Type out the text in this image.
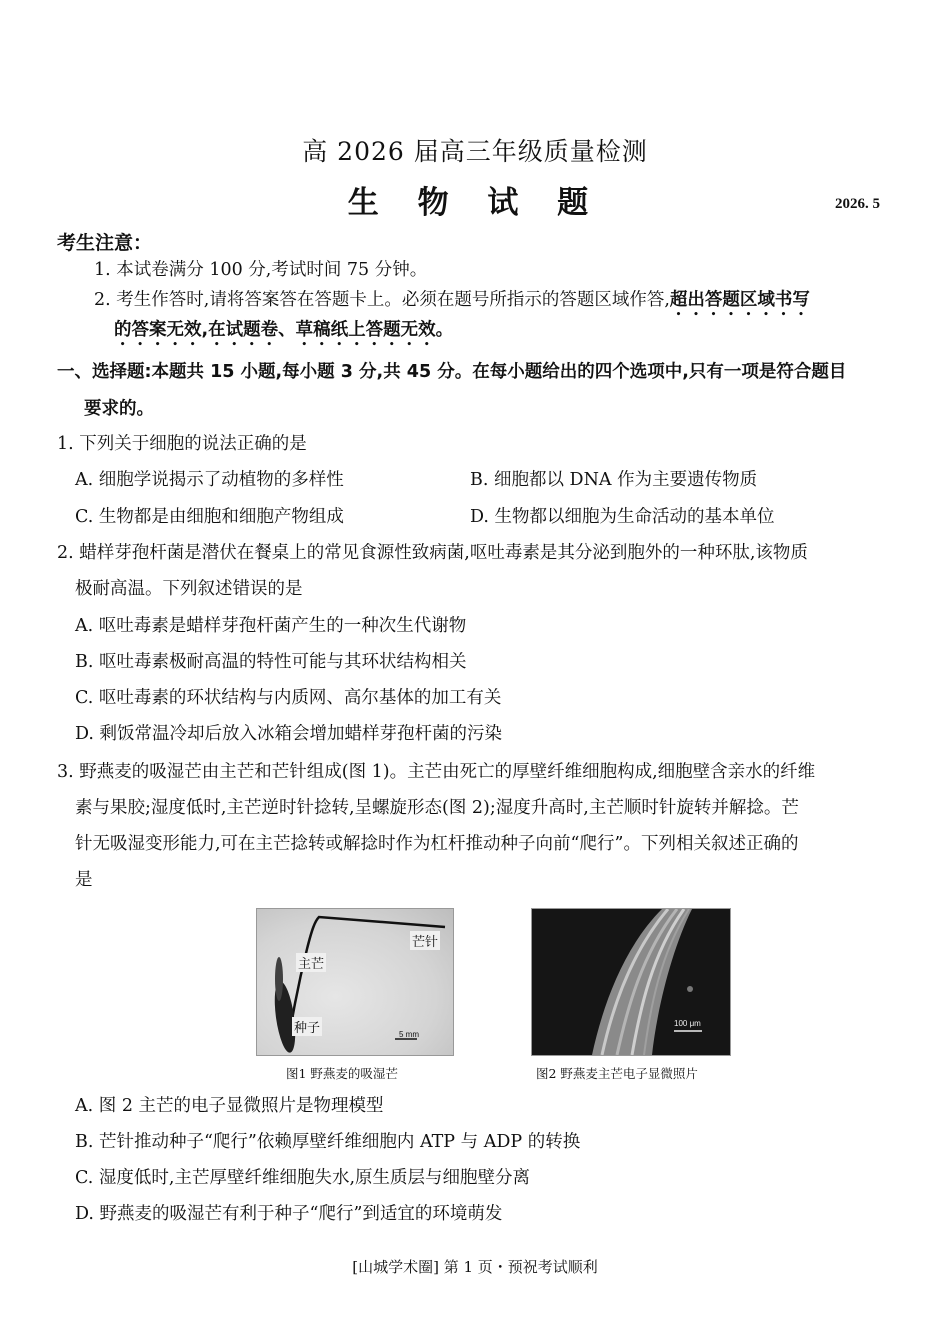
高 2026 届高三年级质量检测
生 物 试 题	2026. 5
考生注意：
1. 本试卷满分 100 分,考试时间 75 分钟。
2. 考生作答时,请将答案答在答题卡上。必须在题号所指示的答题区域作答,超出答题区域书写
的答案无效,在试题卷、草稿纸上答题无效。
一、选择题:本题共 15 小题,每小题 3 分,共 45 分。在每小题给出的四个选项中,只有一项是符合题目
要求的。
1. 下列关于细胞的说法正确的是
A. 细胞学说揭示了动植物的多样性	B. 细胞都以 DNA 作为主要遗传物质
C. 生物都是由细胞和细胞产物组成	D. 生物都以细胞为生命活动的基本单位
2. 蜡样芽孢杆菌是潜伏在餐桌上的常见食源性致病菌,呕吐毒素是其分泌到胞外的一种环肽,该物质
极耐高温。下列叙述错误的是
A. 呕吐毒素是蜡样芽孢杆菌产生的一种次生代谢物
B. 呕吐毒素极耐高温的特性可能与其环状结构相关
C. 呕吐毒素的环状结构与内质网、高尔基体的加工有关
D. 剩饭常温冷却后放入冰箱会增加蜡样芽孢杆菌的污染
3. 野燕麦的吸湿芒由主芒和芒针组成(图 1)。主芒由死亡的厚壁纤维细胞构成,细胞壁含亲水的纤维
素与果胶;湿度低时,主芒逆时针捻转,呈螺旋形态(图 2);湿度升高时,主芒顺时针旋转并解捻。芒
针无吸湿变形能力,可在主芒捻转或解捻时作为杠杆推动种子向前“爬行”。下列相关叙述正确的
是
芒针
主芒
种子	5 mm
图1 野燕麦的吸湿芒
100 μm
图2 野燕麦主芒电子显微照片
A. 图 2 主芒的电子显微照片是物理模型
B. 芒针推动种子“爬行”依赖厚壁纤维细胞内 ATP 与 ADP 的转换
C. 湿度低时,主芒厚壁纤维细胞失水,原生质层与细胞壁分离
D. 野燕麦的吸湿芒有利于种子“爬行”到适宜的环境萌发
[山城学术圈] 第 1 页・预祝考试顺利
